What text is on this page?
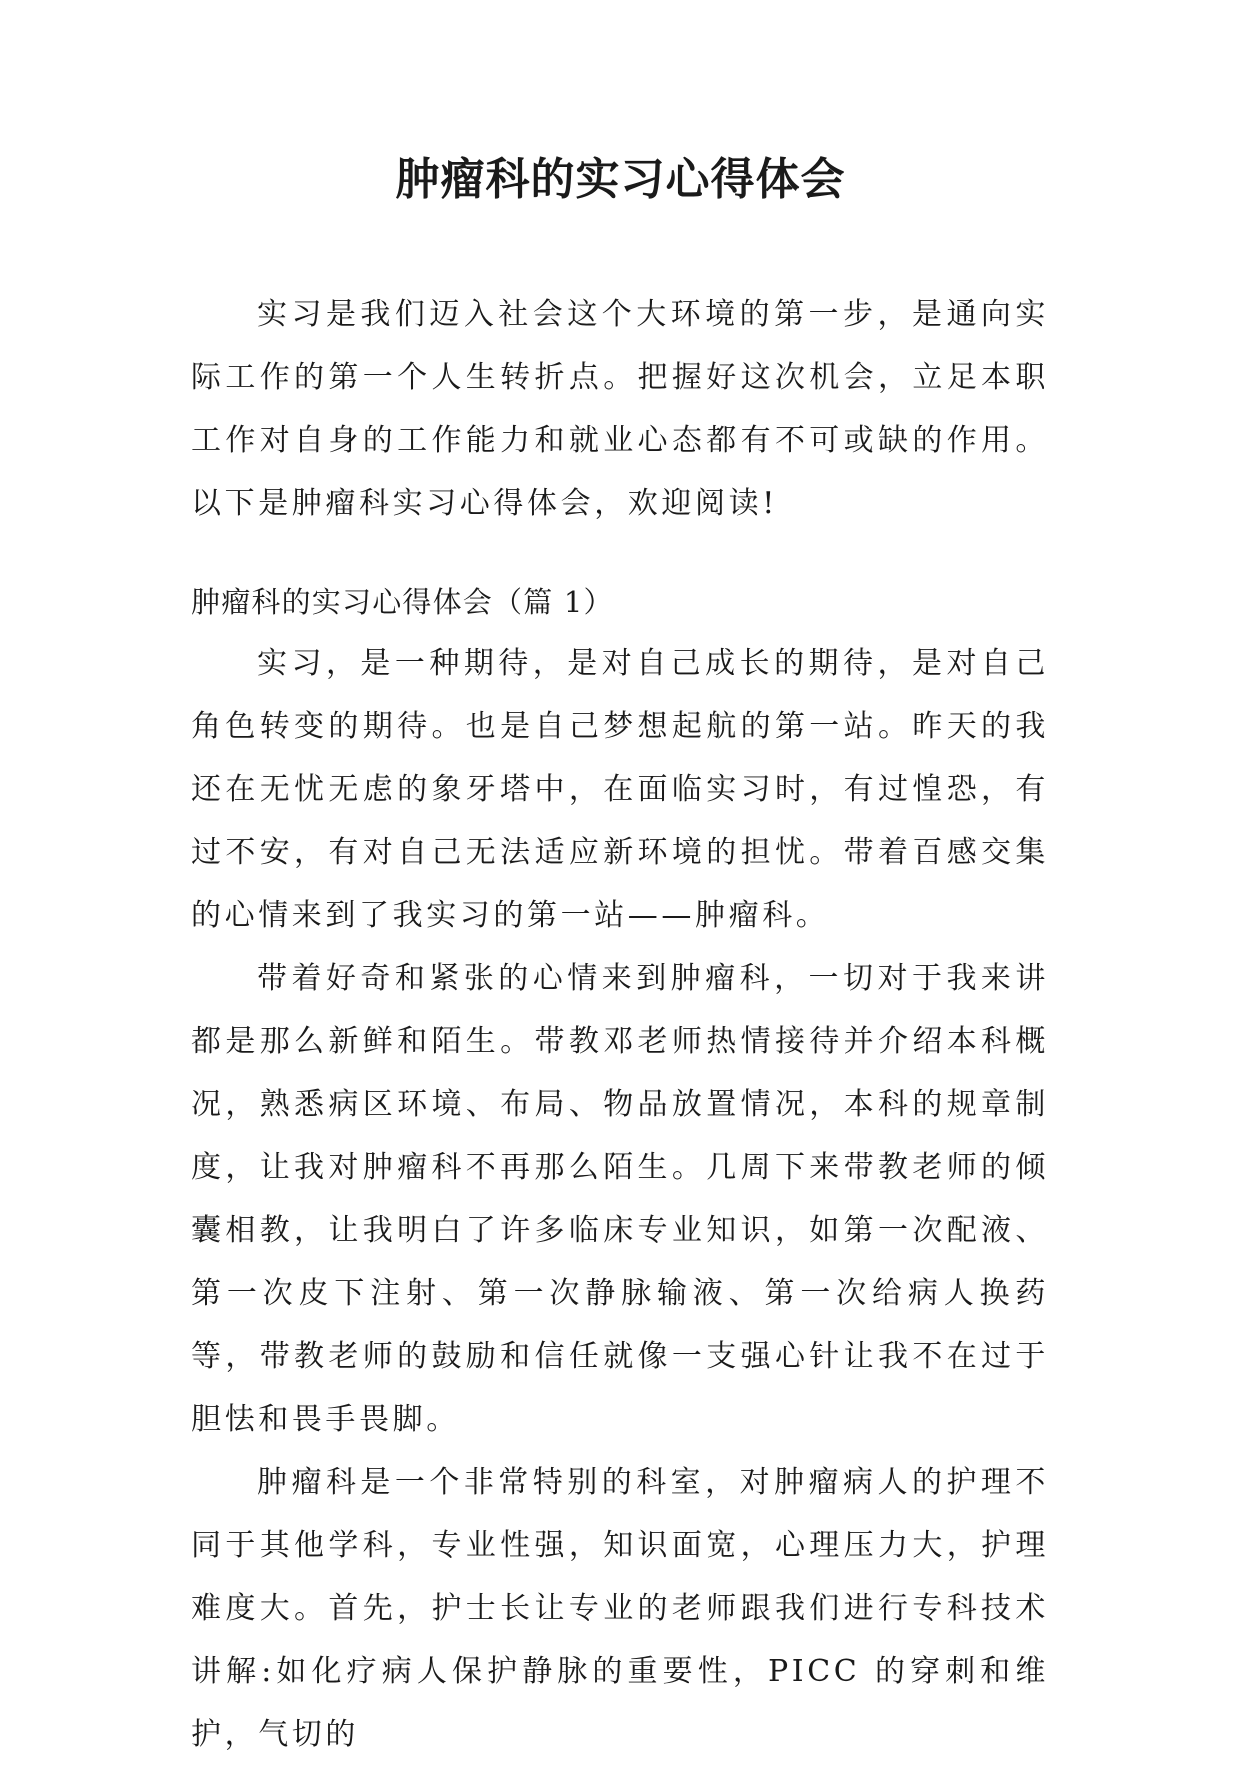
肿瘤科的实习心得体会

实习是我们迈入社会这个大环境的第一步，是通向实际工作的第一个人生转折点。把握好这次机会，立足本职工作对自身的工作能力和就业心态都有不可或缺的作用。以下是肿瘤科实习心得体会，欢迎阅读!

肿瘤科的实习心得体会（篇 1）

实习，是一种期待，是对自己成长的期待，是对自己角色转变的期待。也是自己梦想起航的第一站。昨天的我还在无忧无虑的象牙塔中，在面临实习时，有过惶恐，有过不安，有对自己无法适应新环境的担忧。带着百感交集的心情来到了我实习的第一站——肿瘤科。

带着好奇和紧张的心情来到肿瘤科，一切对于我来讲都是那么新鲜和陌生。带教邓老师热情接待并介绍本科概况，熟悉病区环境、布局、物品放置情况，本科的规章制度，让我对肿瘤科不再那么陌生。几周下来带教老师的倾囊相教，让我明白了许多临床专业知识，如第一次配液、第一次皮下注射、第一次静脉输液、第一次给病人换药等，带教老师的鼓励和信任就像一支强心针让我不在过于胆怯和畏手畏脚。

肿瘤科是一个非常特别的科室，对肿瘤病人的护理不同于其他学科，专业性强，知识面宽，心理压力大，护理难度大。首先，护士长让专业的老师跟我们进行专科技术讲解:如化疗病人保护静脉的重要性，PICC 的穿刺和维护，气切的
